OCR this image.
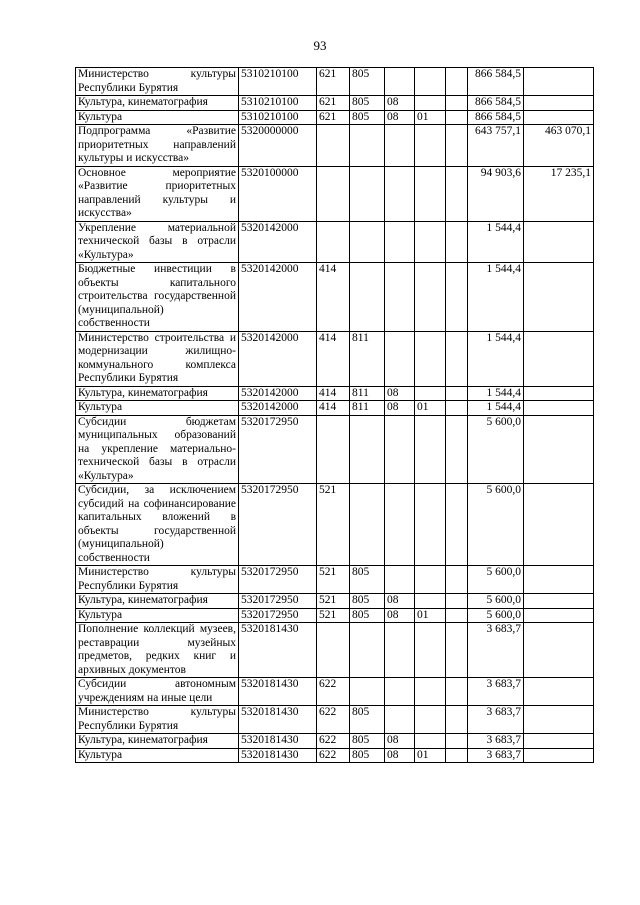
93
Министерство культуры Республики Бурятия	5310210100	621	805				866 584,5	
Культура, кинематография	5310210100	621	805	08			866 584,5	
Культура	5310210100	621	805	08	01		866 584,5	
Подпрограмма «Развитие приоритетных направлений культуры и искусства»	5320000000						643 757,1	463 070,1
Основное мероприятие «Развитие приоритетных направлений культуры и искусства»	5320100000						94 903,6	17 235,1
Укрепление материальной технической базы в отрасли «Культура»	5320142000						1 544,4	
Бюджетные инвестиции в объекты капитального строительства государственной (муниципальной) собственности	5320142000	414					1 544,4	
Министерство строительства и модернизации жилищно-коммунального комплекса Республики Бурятия	5320142000	414	811				1 544,4	
Культура, кинематография	5320142000	414	811	08			1 544,4	
Культура	5320142000	414	811	08	01		1 544,4	
Субсидии бюджетам муниципальных образований на укрепление материально-технической базы в отрасли «Культура»	5320172950						5 600,0	
Субсидии, за исключением субсидий на софинансирование капитальных вложений в объекты государственной (муниципальной) собственности	5320172950	521					5 600,0	
Министерство культуры Республики Бурятия	5320172950	521	805				5 600,0	
Культура, кинематография	5320172950	521	805	08			5 600,0	
Культура	5320172950	521	805	08	01		5 600,0	
Пополнение коллекций музеев, реставрации музейных предметов, редких книг и архивных документов	5320181430						3 683,7	
Субсидии автономным учреждениям на иные цели	5320181430	622					3 683,7	
Министерство культуры Республики Бурятия	5320181430	622	805				3 683,7	
Культура, кинематография	5320181430	622	805	08			3 683,7	
Культура	5320181430	622	805	08	01		3 683,7	
